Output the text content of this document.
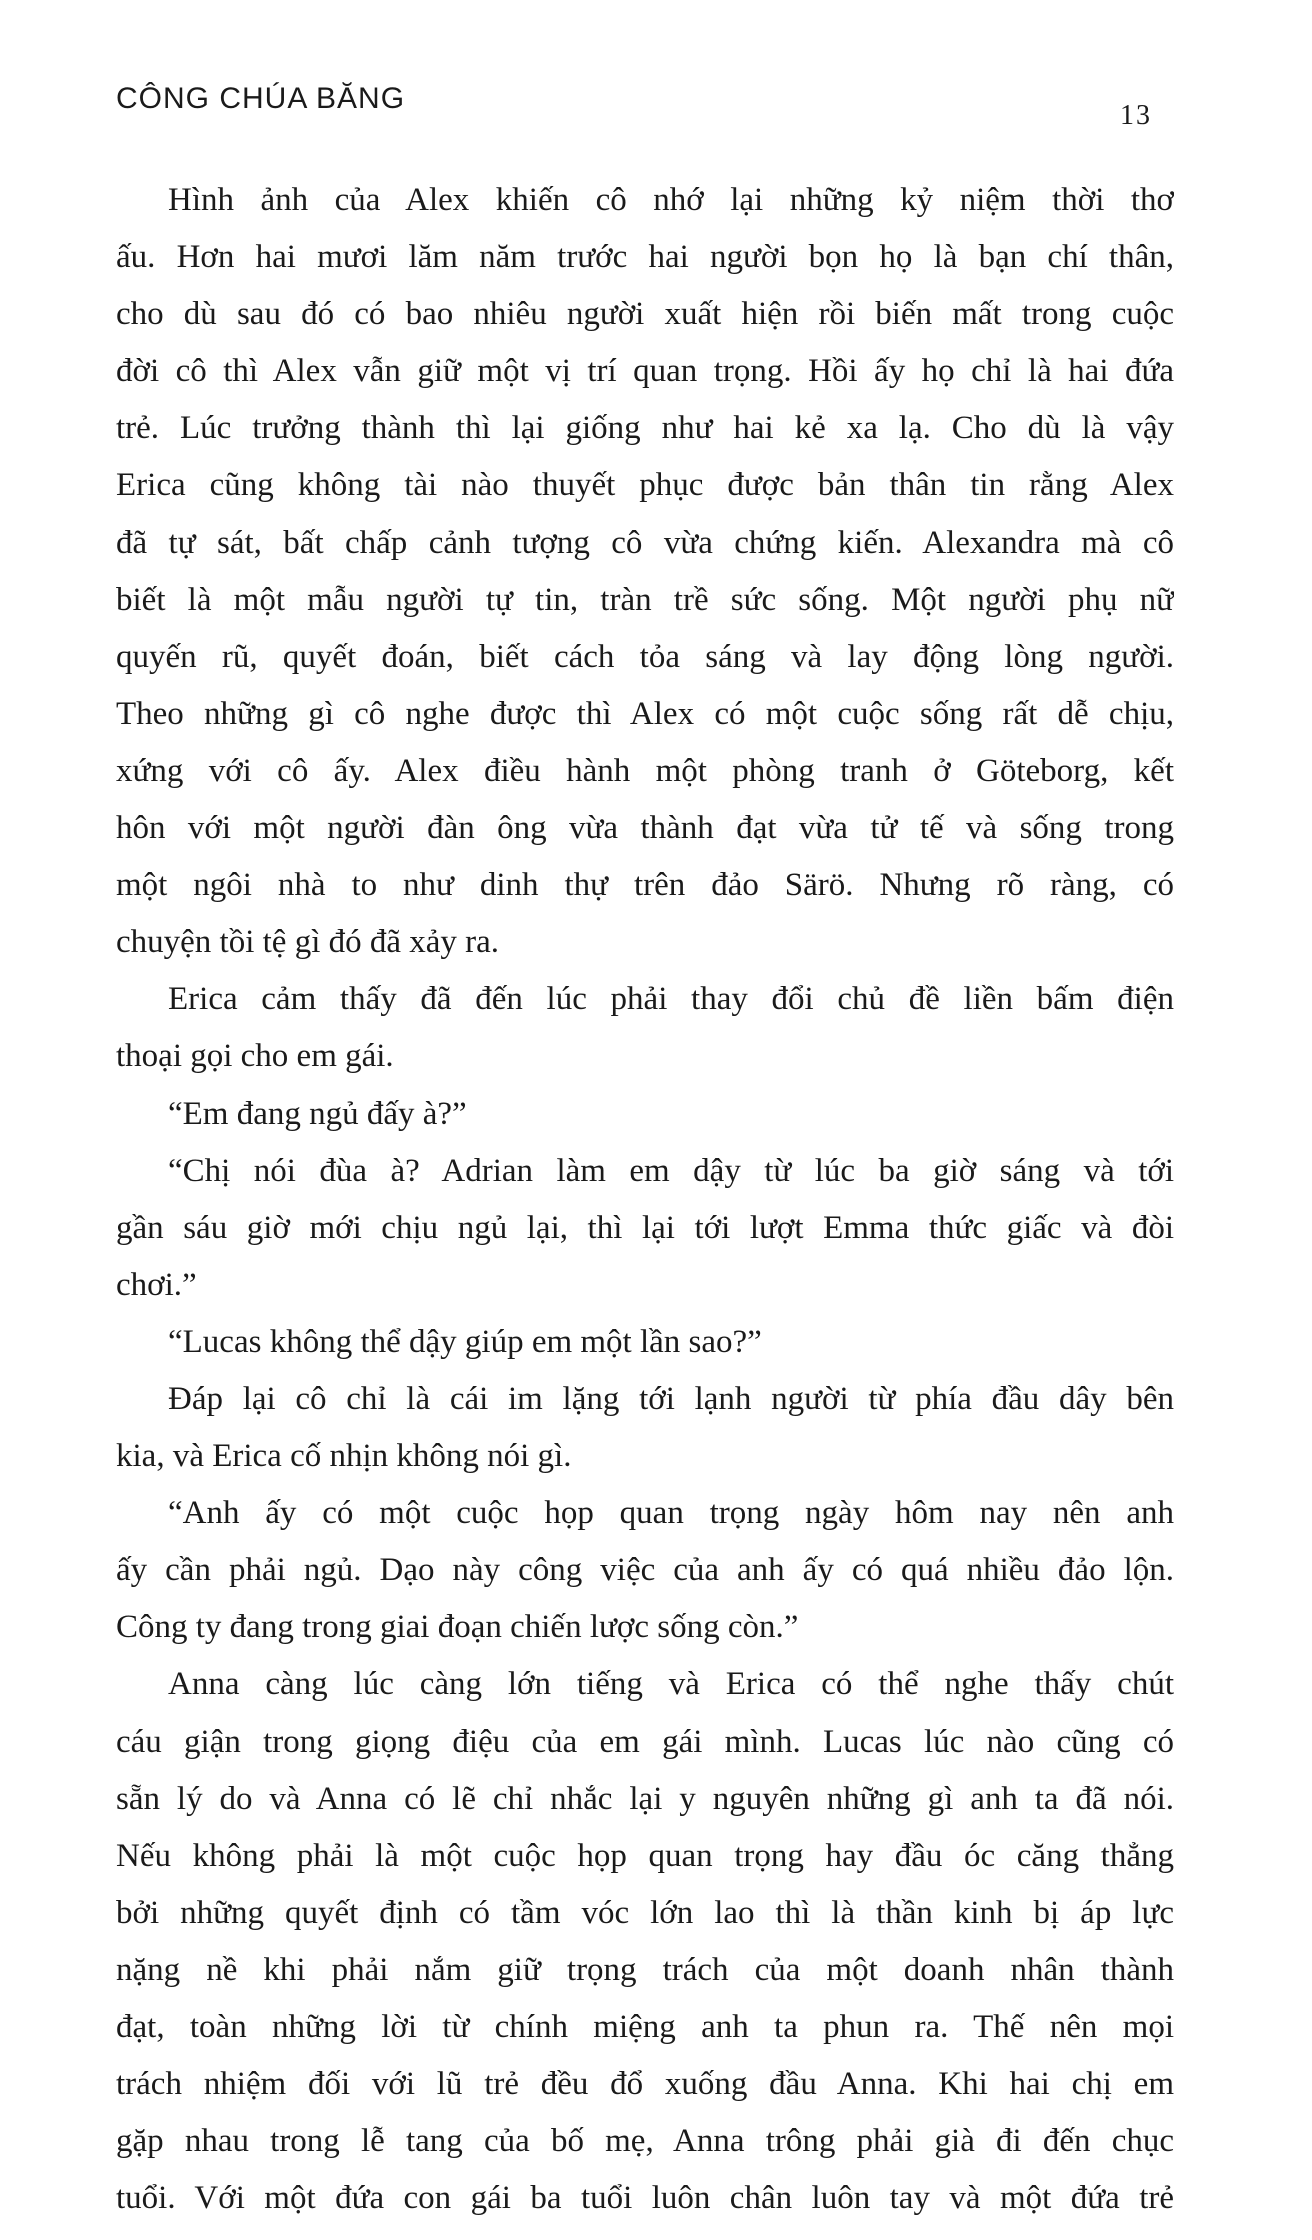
CÔNG CHÚA BĂNG
13
Hình ảnh của Alex khiến cô nhớ lại những kỷ niệm thời thơ
ấu. Hơn hai mươi lăm năm trước hai người bọn họ là bạn chí thân,
cho dù sau đó có bao nhiêu người xuất hiện rồi biến mất trong cuộc
đời cô thì Alex vẫn giữ một vị trí quan trọng. Hồi ấy họ chỉ là hai đứa
trẻ. Lúc trưởng thành thì lại giống như hai kẻ xa lạ. Cho dù là vậy
Erica cũng không tài nào thuyết phục được bản thân tin rằng Alex
đã tự sát, bất chấp cảnh tượng cô vừa chứng kiến. Alexandra mà cô
biết là một mẫu người tự tin, tràn trề sức sống. Một người phụ nữ
quyến rũ, quyết đoán, biết cách tỏa sáng và lay động lòng người.
Theo những gì cô nghe được thì Alex có một cuộc sống rất dễ chịu,
xứng với cô ấy. Alex điều hành một phòng tranh ở Göteborg, kết
hôn với một người đàn ông vừa thành đạt vừa tử tế và sống trong
một ngôi nhà to như dinh thự trên đảo Särö. Nhưng rõ ràng, có
chuyện tồi tệ gì đó đã xảy ra.
Erica cảm thấy đã đến lúc phải thay đổi chủ đề liền bấm điện
thoại gọi cho em gái.
“Em đang ngủ đấy à?”
“Chị nói đùa à? Adrian làm em dậy từ lúc ba giờ sáng và tới
gần sáu giờ mới chịu ngủ lại, thì lại tới lượt Emma thức giấc và đòi
chơi.”
“Lucas không thể dậy giúp em một lần sao?”
Đáp lại cô chỉ là cái im lặng tới lạnh người từ phía đầu dây bên
kia, và Erica cố nhịn không nói gì.
“Anh ấy có một cuộc họp quan trọng ngày hôm nay nên anh
ấy cần phải ngủ. Dạo này công việc của anh ấy có quá nhiều đảo lộn.
Công ty đang trong giai đoạn chiến lược sống còn.”
Anna càng lúc càng lớn tiếng và Erica có thể nghe thấy chút
cáu giận trong giọng điệu của em gái mình. Lucas lúc nào cũng có
sẵn lý do và Anna có lẽ chỉ nhắc lại y nguyên những gì anh ta đã nói.
Nếu không phải là một cuộc họp quan trọng hay đầu óc căng thẳng
bởi những quyết định có tầm vóc lớn lao thì là thần kinh bị áp lực
nặng nề khi phải nắm giữ trọng trách của một doanh nhân thành
đạt, toàn những lời từ chính miệng anh ta phun ra. Thế nên mọi
trách nhiệm đối với lũ trẻ đều đổ xuống đầu Anna. Khi hai chị em
gặp nhau trong lễ tang của bố mẹ, Anna trông phải già đi đến chục
tuổi. Với một đứa con gái ba tuổi luôn chân luôn tay và một đứa trẻ
